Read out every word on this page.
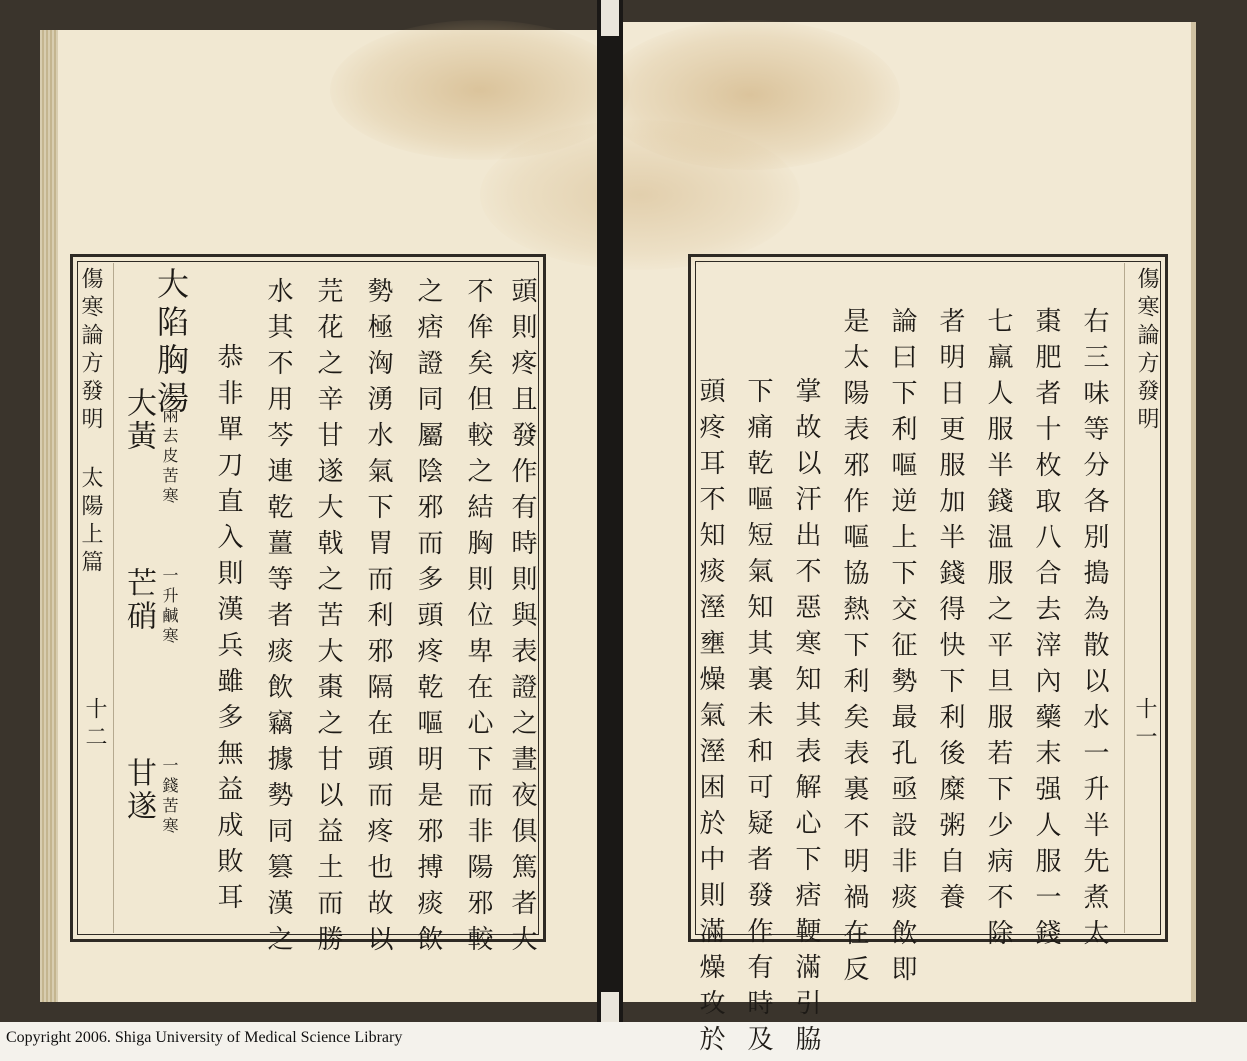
傷寒論方發明 太陽上篇
十二
大陷胸湯
大黃 六兩去皮苦寒
芒硝 一升鹹寒
甘遂 一錢苦寒 恭非單刀直入則漢兵雖多無益成敗耳 水其不用芩連乾薑等者痰飲竊據勢同篡漢之 芫花之辛甘遂大戟之苦大棗之甘以益土而勝 勢極洶湧水氣下胃而利邪隔在頭而疼也故以 之痞證同屬陰邪而多頭疼乾嘔明是邪搏痰飲 不侔矣但較之結胸則位卑在心下而非陽邪較 頭則疼且發作有時則與表證之晝夜俱篤者大	傷寒論方發明
十一
頭疼耳不知痰溼壅燥氣溼困於中則滿燥攻於 下痛乾嘔短氣知其裏未和可疑者發作有時及 掌故以汗出不惡寒知其表解心下痞鞕滿引脇 是太陽表邪作嘔協熱下利矣表裏不明禍在反 論曰下利嘔逆上下交征勢最孔亟設非痰飲即 者明日更服加半錢得快下利後糜粥自養 七羸人服半錢温服之平旦服若下少病不除 棗肥者十枚取八合去滓內藥末强人服一錢 右三味等分各別搗為散以水一升半先煮太
Copyright 2006. Shiga University of Medical Science Library
